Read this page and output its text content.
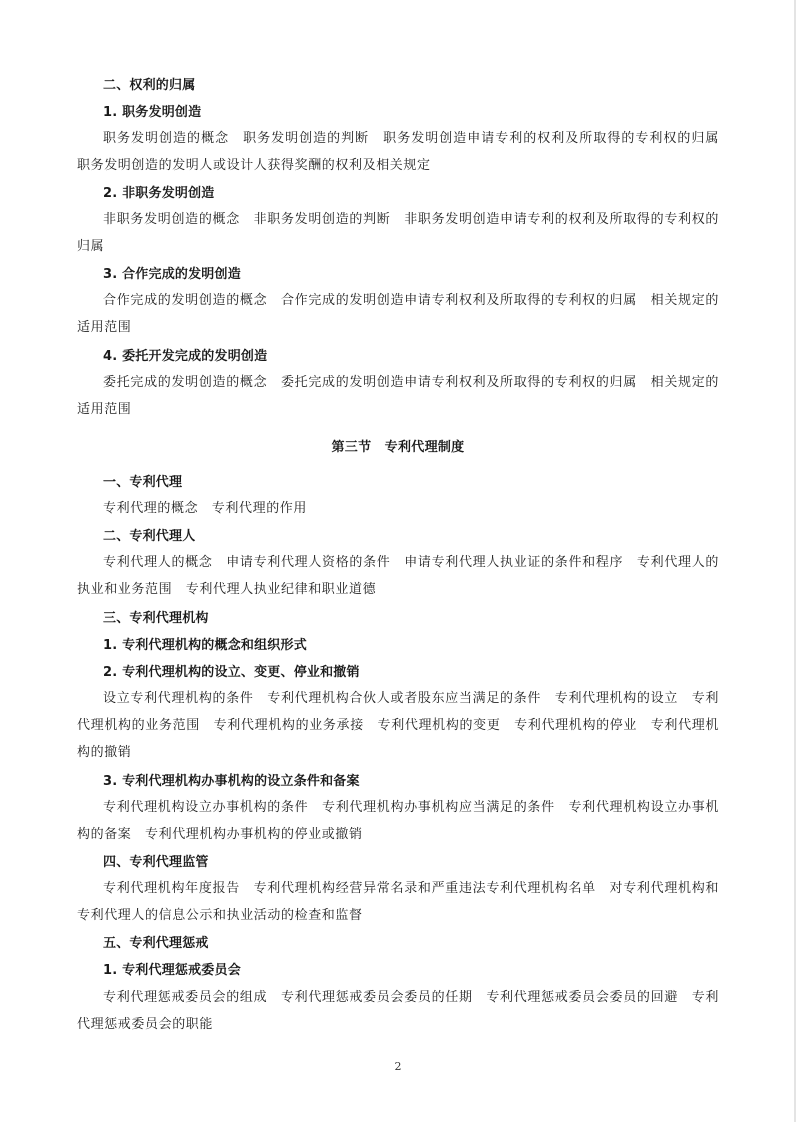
二、权利的归属
1. 职务发明创造

职务发明创造的概念　职务发明创造的判断　职务发明创造申请专利的权利及所取得的专利权的归属　职务发明创造的发明人或设计人获得奖酬的权利及相关规定

2. 非职务发明创造

非职务发明创造的概念　非职务发明创造的判断　非职务发明创造申请专利的权利及所取得的专利权的归属

3. 合作完成的发明创造

合作完成的发明创造的概念　合作完成的发明创造申请专利权利及所取得的专利权的归属　相关规定的适用范围

4. 委托开发完成的发明创造

委托完成的发明创造的概念　委托完成的发明创造申请专利权利及所取得的专利权的归属　相关规定的适用范围

第三节　专利代理制度
一、专利代理

专利代理的概念　专利代理的作用

二、专利代理人

专利代理人的概念　申请专利代理人资格的条件　申请专利代理人执业证的条件和程序　专利代理人的执业和业务范围　专利代理人执业纪律和职业道德

三、专利代理机构
1. 专利代理机构的概念和组织形式
2. 专利代理机构的设立、变更、停业和撤销

设立专利代理机构的条件　专利代理机构合伙人或者股东应当满足的条件　专利代理机构的设立　专利代理机构的业务范围　专利代理机构的业务承接　专利代理机构的变更　专利代理机构的停业　专利代理机构的撤销

3. 专利代理机构办事机构的设立条件和备案

专利代理机构设立办事机构的条件　专利代理机构办事机构应当满足的条件　专利代理机构设立办事机构的备案　专利代理机构办事机构的停业或撤销

四、专利代理监管

专利代理机构年度报告　专利代理机构经营异常名录和严重违法专利代理机构名单　对专利代理机构和专利代理人的信息公示和执业活动的检查和监督

五、专利代理惩戒
1. 专利代理惩戒委员会

专利代理惩戒委员会的组成　专利代理惩戒委员会委员的任期　专利代理惩戒委员会委员的回避　专利代理惩戒委员会的职能

2
